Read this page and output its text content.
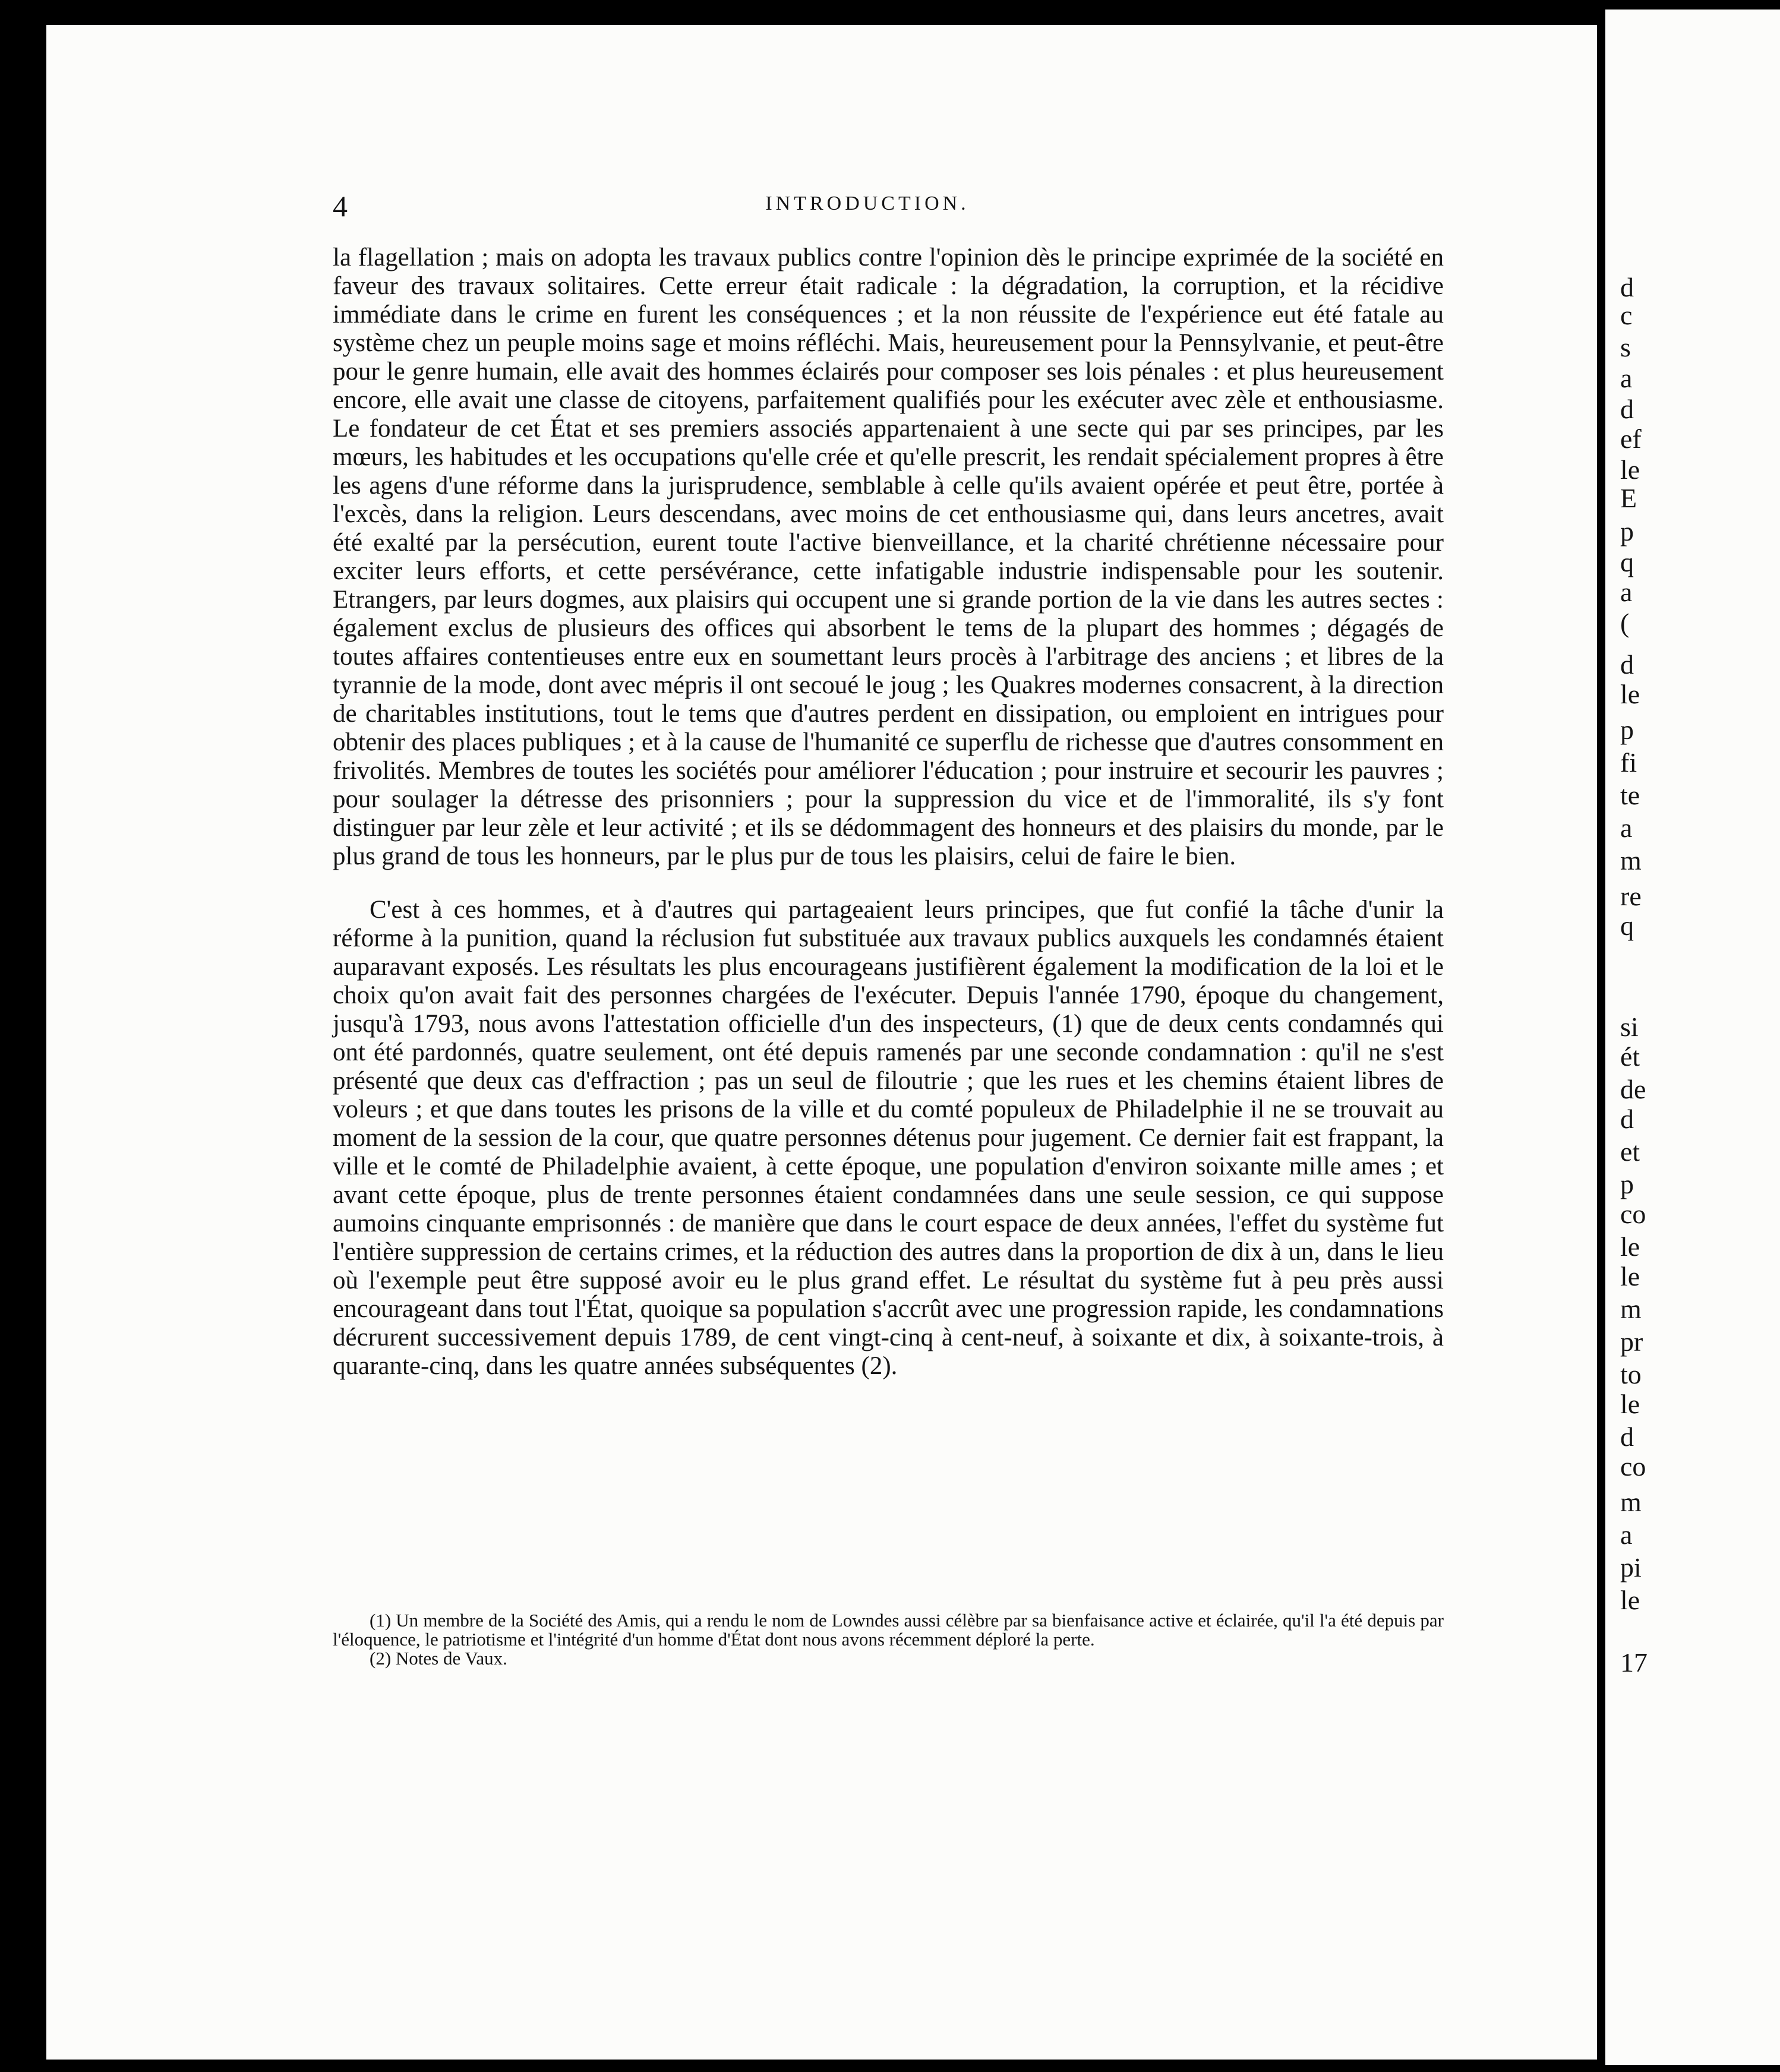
4	INTRODUCTION.

la flagellation ; mais on adopta les travaux publics contre l'opinion dès le principe exprimée de la société en faveur des travaux solitaires. Cette erreur était radicale : la dégradation, la corruption, et la récidive immédiate dans le crime en furent les conséquences ; et la non réussite de l'expérience eut été fatale au système chez un peuple moins sage et moins réfléchi. Mais, heureusement pour la Pennsylvanie, et peut-être pour le genre humain, elle avait des hommes éclairés pour composer ses lois pénales : et plus heureusement encore, elle avait une classe de citoyens, parfaitement qualifiés pour les exécuter avec zèle et enthousiasme. Le fondateur de cet État et ses premiers associés appartenaient à une secte qui par ses principes, par les mœurs, les habitudes et les occupations qu'elle crée et qu'elle prescrit, les rendait spécialement propres à être les agens d'une réforme dans la jurisprudence, semblable à celle qu'ils avaient opérée et peut être, portée à l'excès, dans la religion. Leurs descendans, avec moins de cet enthousiasme qui, dans leurs ancetres, avait été exalté par la persécution, eurent toute l'active bienveillance, et la charité chrétienne nécessaire pour exciter leurs efforts, et cette persévérance, cette infatigable industrie indispensable pour les soutenir. Etrangers, par leurs dogmes, aux plaisirs qui occupent une si grande portion de la vie dans les autres sectes : également exclus de plusieurs des offices qui absorbent le tems de la plupart des hommes ; dégagés de toutes affaires contentieuses entre eux en soumettant leurs procès à l'arbitrage des anciens ; et libres de la tyrannie de la mode, dont avec mépris il ont secoué le joug ; les Quakres modernes consacrent, à la direction de charitables institutions, tout le tems que d'autres perdent en dissipation, ou emploient en intrigues pour obtenir des places publiques ; et à la cause de l'humanité ce superflu de richesse que d'autres consomment en frivolités. Membres de toutes les sociétés pour améliorer l'éducation ; pour instruire et secourir les pauvres ; pour soulager la détresse des prisonniers ; pour la suppression du vice et de l'immoralité, ils s'y font distinguer par leur zèle et leur activité ; et ils se dédommagent des honneurs et des plaisirs du monde, par le plus grand de tous les honneurs, par le plus pur de tous les plaisirs, celui de faire le bien.

C'est à ces hommes, et à d'autres qui partageaient leurs principes, que fut confié la tâche d'unir la réforme à la punition, quand la réclusion fut substituée aux travaux publics auxquels les condamnés étaient auparavant exposés. Les résultats les plus encourageans justifièrent également la modification de la loi et le choix qu'on avait fait des personnes chargées de l'exécuter. Depuis l'année 1790, époque du changement, jusqu'à 1793, nous avons l'attestation officielle d'un des inspecteurs, (1) que de deux cents condamnés qui ont été pardonnés, quatre seulement, ont été depuis ramenés par une seconde condamnation : qu'il ne s'est présenté que deux cas d'effraction ; pas un seul de filoutrie ; que les rues et les chemins étaient libres de voleurs ; et que dans toutes les prisons de la ville et du comté populeux de Philadelphie il ne se trouvait au moment de la session de la cour, que quatre personnes détenus pour jugement. Ce dernier fait est frappant, la ville et le comté de Philadelphie avaient, à cette époque, une population d'environ soixante mille ames ; et avant cette époque, plus de trente personnes étaient condamnées dans une seule session, ce qui suppose aumoins cinquante emprisonnés : de manière que dans le court espace de deux années, l'effet du système fut l'entière suppression de certains crimes, et la réduction des autres dans la proportion de dix à un, dans le lieu où l'exemple peut être supposé avoir eu le plus grand effet. Le résultat du système fut à peu près aussi encourageant dans tout l'État, quoique sa population s'accrût avec une progression rapide, les condamnations décrurent successivement depuis 1789, de cent vingt-cinq à cent-neuf, à soixante et dix, à soixante-trois, à quarante-cinq, dans les quatre années subséquentes (2).

(1) Un membre de la Société des Amis, qui a rendu le nom de Lowndes aussi célèbre par sa bienfaisance active et éclairée, qu'il l'a été depuis par l'éloquence, le patriotisme et l'intégrité d'un homme d'État dont nous avons récemment déploré la perte.

(2) Notes de Vaux.

d
c
s
a
d
ef
le
E
p
q
a
(
d
le
p
fi
te
a
m
re
q
si
ét
de
d
et
p
co
le
le
m
pr
to
le
d
co
m
a
pi
le
17
